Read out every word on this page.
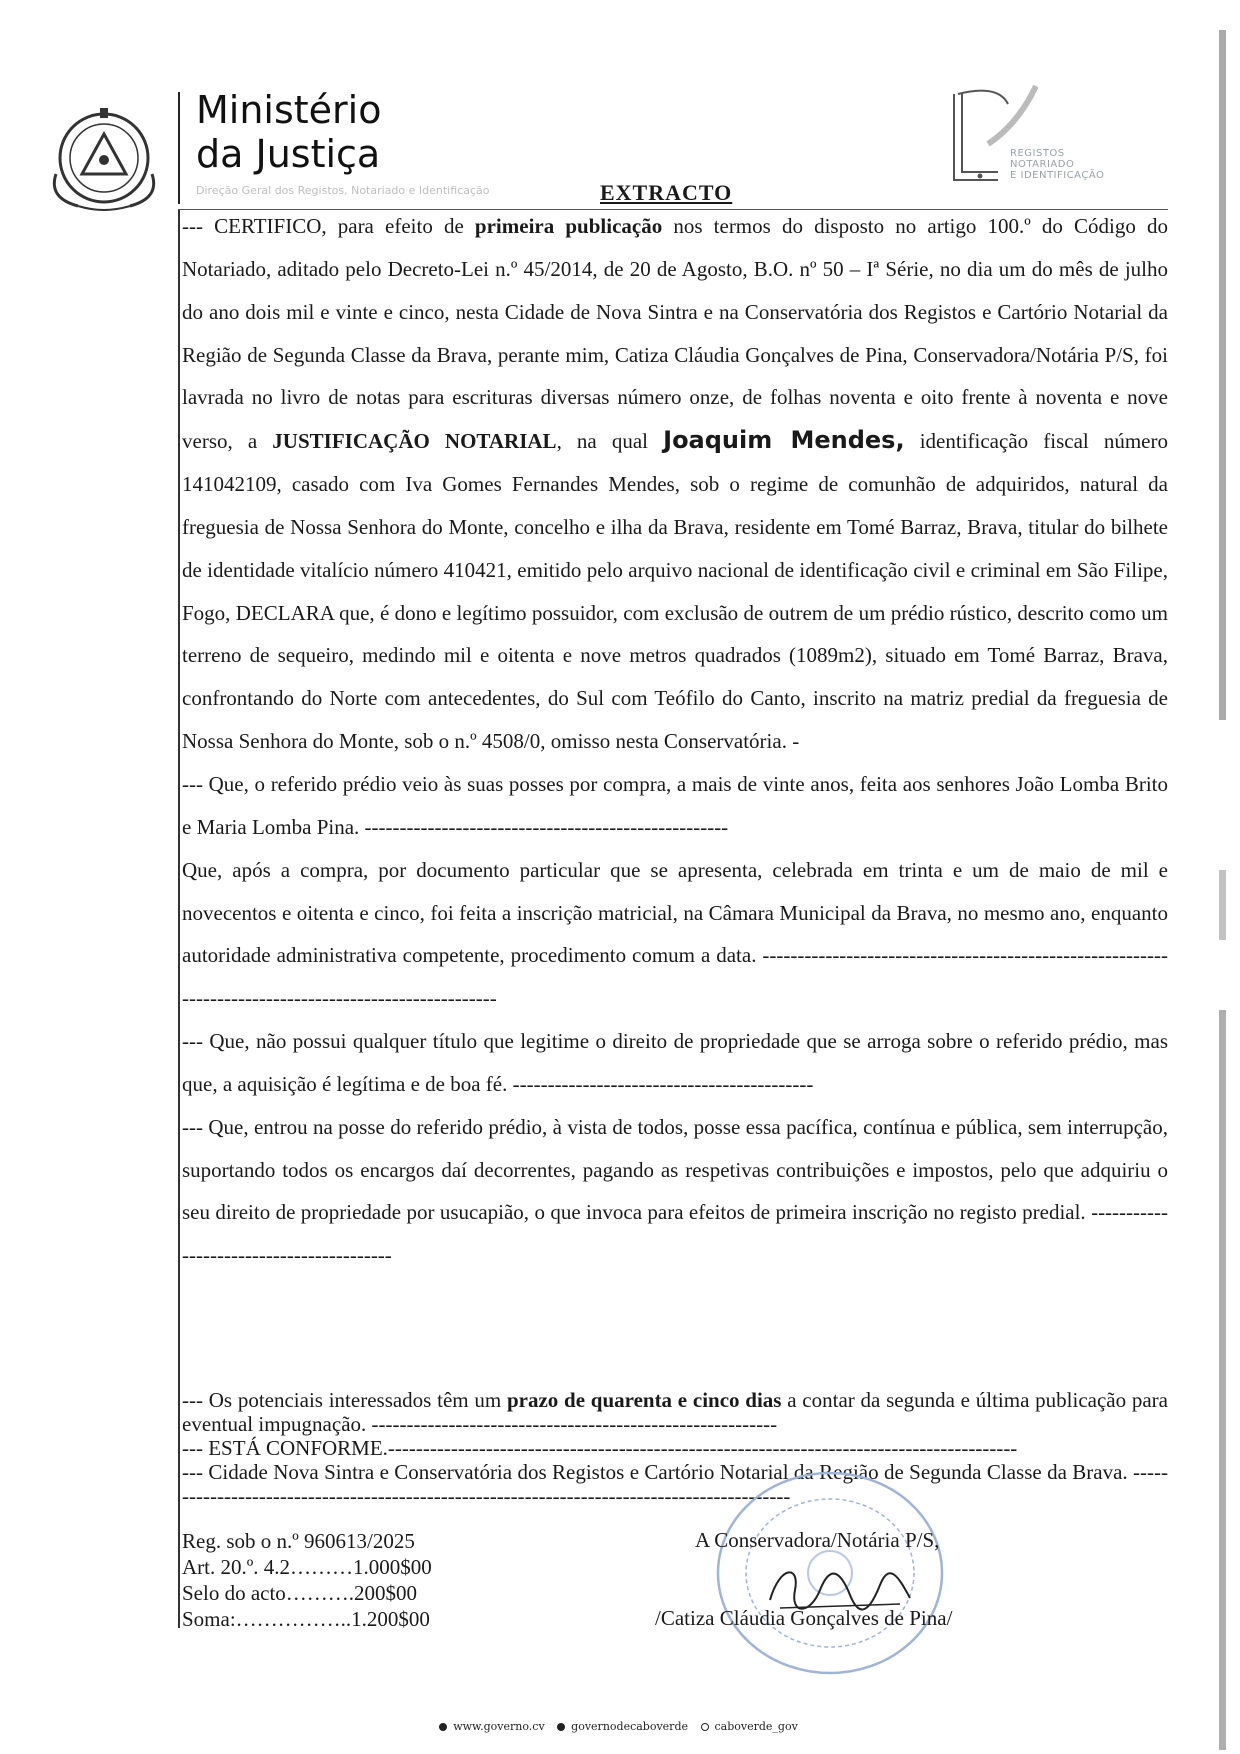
Ministério
da Justiça
Direção Geral dos Registos, Notariado e Identificação
REGISTOS
NOTARIADO
E IDENTIFICAÇÃO
EXTRACTO

--- CERTIFICO, para efeito de primeira publicação nos termos do disposto no artigo 100.º do Código do Notariado, aditado pelo Decreto-Lei n.º 45/2014, de 20 de Agosto, B.O. nº 50 – Iª Série, no dia um do mês de julho do ano dois mil e vinte e cinco, nesta Cidade de Nova Sintra e na Conservatória dos Registos e Cartório Notarial da Região de Segunda Classe da Brava, perante mim, Catiza Cláudia Gonçalves de Pina, Conservadora/Notária P/S, foi lavrada no livro de notas para escrituras diversas número onze, de folhas noventa e oito frente à noventa e nove verso, a JUSTIFICAÇÃO NOTARIAL, na qual Joaquim Mendes, identificação fiscal número 141042109, casado com Iva Gomes Fernandes Mendes, sob o regime de comunhão de adquiridos, natural da freguesia de Nossa Senhora do Monte, concelho e ilha da Brava, residente em Tomé Barraz, Brava, titular do bilhete de identidade vitalício número 410421, emitido pelo arquivo nacional de identificação civil e criminal em São Filipe, Fogo, DECLARA que, é dono e legítimo possuidor, com exclusão de outrem de um prédio rústico, descrito como um terreno de sequeiro, medindo mil e oitenta e nove metros quadrados (1089m2), situado em Tomé Barraz, Brava, confrontando do Norte com antecedentes, do Sul com Teófilo do Canto, inscrito na matriz predial da freguesia de Nossa Senhora do Monte, sob o n.º 4508/0, omisso nesta Conservatória. -

--- Que, o referido prédio veio às suas posses por compra, a mais de vinte anos, feita aos senhores João Lomba Brito e Maria Lomba Pina. ----------------------------------------------------

Que, após a compra, por documento particular que se apresenta, celebrada em trinta e um de maio de mil e novecentos e oitenta e cinco, foi feita a inscrição matricial, na Câmara Municipal da Brava, no mesmo ano, enquanto autoridade administrativa competente, procedimento comum a data. -------------------------------------------------------------------------------------------------------

--- Que, não possui qualquer título que legitime o direito de propriedade que se arroga sobre o referido prédio, mas que, a aquisição é legítima e de boa fé. -------------------------------------------

--- Que, entrou na posse do referido prédio, à vista de todos, posse essa pacífica, contínua e pública, sem interrupção, suportando todos os encargos daí decorrentes, pagando as respetivas contribuições e impostos, pelo que adquiriu o seu direito de propriedade por usucapião, o que invoca para efeitos de primeira inscrição no registo predial. -----------------------------------------

--- Os potenciais interessados têm um prazo de quarenta e cinco dias a contar da segunda e última publicação para eventual impugnação. ----------------------------------------------------------

--- ESTÁ CONFORME.------------------------------------------------------------------------------------------

--- Cidade Nova Sintra e Conservatória dos Registos e Cartório Notarial da Região de Segunda Classe da Brava. --------------------------------------------------------------------------------------------

Reg. sob o n.º 960613/2025
Art. 20.º. 4.2………1.000$00
Selo do acto……….200$00
Soma:……………..1.200$00
A Conservadora/Notária P/S,
/Catiza Cláudia Gonçalves de Pina/
www.governo.cv governodecaboverde caboverde_gov
